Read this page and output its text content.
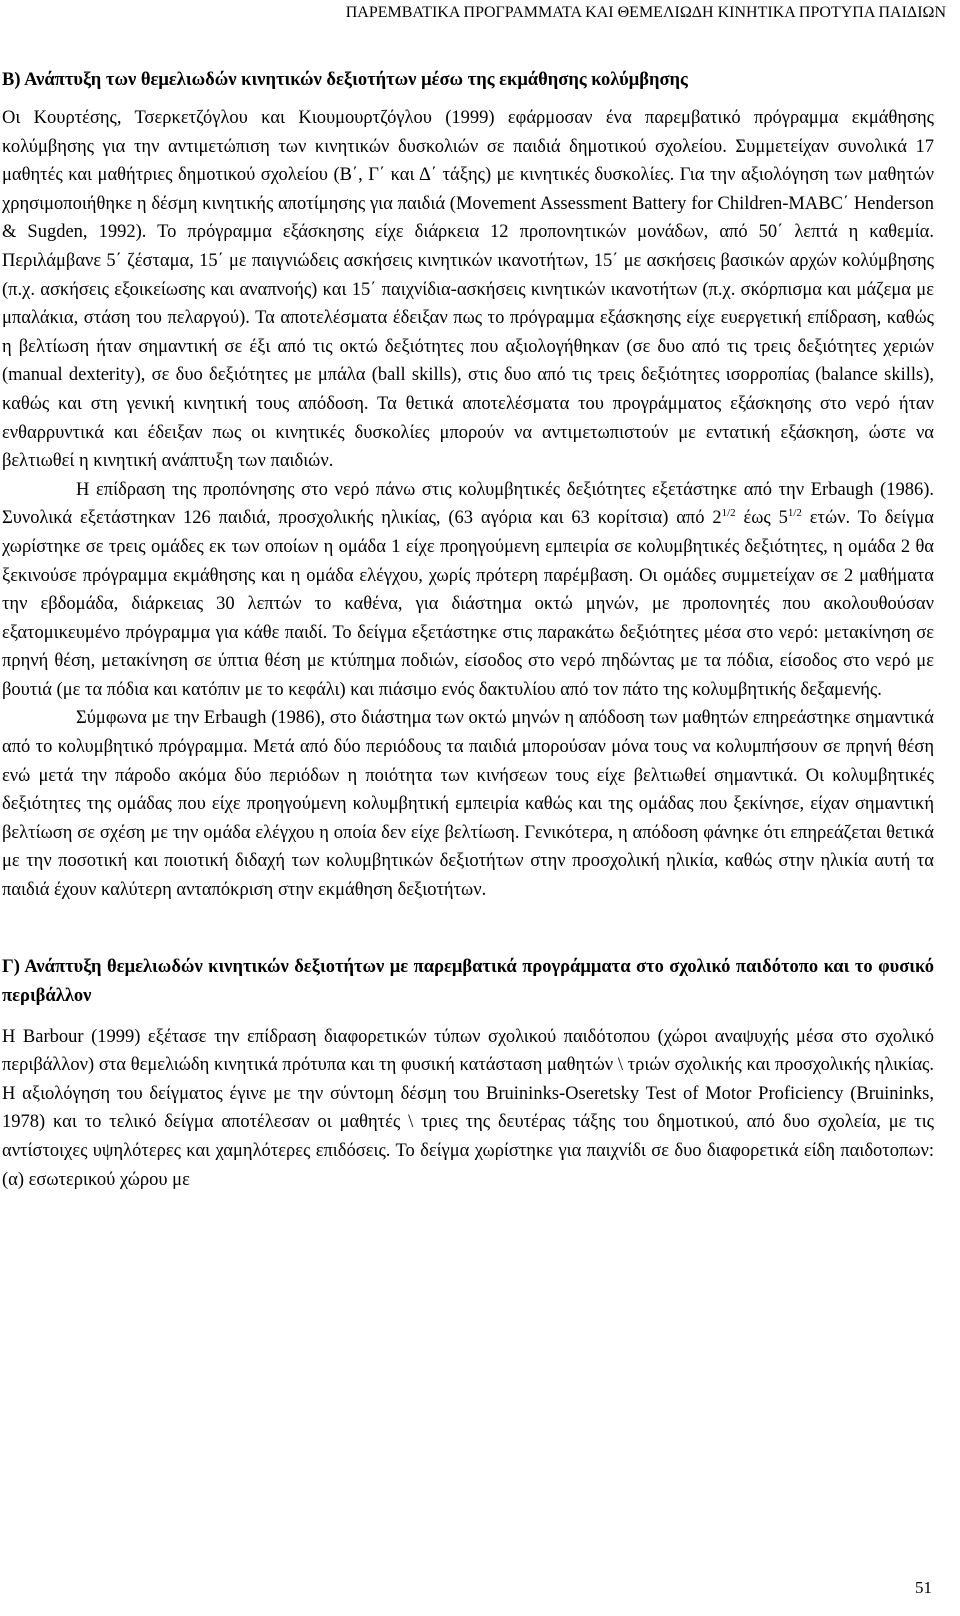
ΠΑΡΕΜΒΑΤΙΚΑ ΠΡΟΓΡΑΜΜΑΤΑ ΚΑΙ ΘΕΜΕΛΙΩΔΗ ΚΙΝΗΤΙΚΑ ΠΡΟΤΥΠΑ ΠΑΙΔΙΩΝ
Β) Ανάπτυξη των θεμελιωδών κινητικών δεξιοτήτων μέσω της εκμάθησης κολύμβησης

Οι Κουρτέσης, Τσερκετζόγλου και Κιουμουρτζόγλου (1999) εφάρμοσαν ένα παρεμβατικό πρόγραμμα εκμάθησης κολύμβησης για την αντιμετώπιση των κινητικών δυσκολιών σε παιδιά δημοτικού σχολείου. Συμμετείχαν συνολικά 17 μαθητές και μαθήτριες δημοτικού σχολείου (Β΄, Γ΄ και Δ΄ τάξης) με κινητικές δυσκολίες. Για την αξιολόγηση των μαθητών χρησιμοποιήθηκε η δέσμη κινητικής αποτίμησης για παιδιά (Movement Assessment Battery for Children-MABC΄ Henderson & Sugden, 1992). Το πρόγραμμα εξάσκησης είχε διάρκεια 12 προπονητικών μονάδων, από 50΄ λεπτά η καθεμία. Περιλάμβανε 5΄ ζέσταμα, 15΄ με παιγνιώδεις ασκήσεις κινητικών ικανοτήτων, 15΄ με ασκήσεις βασικών αρχών κολύμβησης (π.χ. ασκήσεις εξοικείωσης και αναπνοής) και 15΄ παιχνίδια-ασκήσεις κινητικών ικανοτήτων (π.χ. σκόρπισμα και μάζεμα με μπαλάκια, στάση του πελαργού). Τα αποτελέσματα έδειξαν πως το πρόγραμμα εξάσκησης είχε ευεργετική επίδραση, καθώς η βελτίωση ήταν σημαντική σε έξι από τις οκτώ δεξιότητες που αξιολογήθηκαν (σε δυο από τις τρεις δεξιότητες χεριών (manual dexterity), σε δυο δεξιότητες με μπάλα (ball skills), στις δυο από τις τρεις δεξιότητες ισορροπίας (balance skills), καθώς και στη γενική κινητική τους απόδοση. Τα θετικά αποτελέσματα του προγράμματος εξάσκησης στο νερό ήταν ενθαρρυντικά και έδειξαν πως οι κινητικές δυσκολίες μπορούν να αντιμετωπιστούν με εντατική εξάσκηση, ώστε να βελτιωθεί η κινητική ανάπτυξη των παιδιών.

Η επίδραση της προπόνησης στο νερό πάνω στις κολυμβητικές δεξιότητες εξετάστηκε από την Erbaugh (1986). Συνολικά εξετάστηκαν 126 παιδιά, προσχολικής ηλικίας, (63 αγόρια και 63 κορίτσια) από $2^{1/2}$ έως $5^{1/2}$ ετών. Το δείγμα χωρίστηκε σε τρεις ομάδες εκ των οποίων η ομάδα 1 είχε προηγούμενη εμπειρία σε κολυμβητικές δεξιότητες, η ομάδα 2 θα ξεκινούσε πρόγραμμα εκμάθησης και η ομάδα ελέγχου, χωρίς πρότερη παρέμβαση. Οι ομάδες συμμετείχαν σε 2 μαθήματα την εβδομάδα, διάρκειας 30 λεπτών το καθένα, για διάστημα οκτώ μηνών, με προπονητές που ακολουθούσαν εξατομικευμένο πρόγραμμα για κάθε παιδί. Το δείγμα εξετάστηκε στις παρακάτω δεξιότητες μέσα στο νερό: μετακίνηση σε πρηνή θέση, μετακίνηση σε ύπτια θέση με κτύπημα ποδιών, είσοδος στο νερό πηδώντας με τα πόδια, είσοδος στο νερό με βουτιά (με τα πόδια και κατόπιν με το κεφάλι) και πιάσιμο ενός δακτυλίου από τον πάτο της κολυμβητικής δεξαμενής.

Σύμφωνα με την Erbaugh (1986), στο διάστημα των οκτώ μηνών η απόδοση των μαθητών επηρεάστηκε σημαντικά από το κολυμβητικό πρόγραμμα. Μετά από δύο περιόδους τα παιδιά μπορούσαν μόνα τους να κολυμπήσουν σε πρηνή θέση ενώ μετά την πάροδο ακόμα δύο περιόδων η ποιότητα των κινήσεων τους είχε βελτιωθεί σημαντικά. Οι κολυμβητικές δεξιότητες της ομάδας που είχε προηγούμενη κολυμβητική εμπειρία καθώς και της ομάδας που ξεκίνησε, είχαν σημαντική βελτίωση σε σχέση με την ομάδα ελέγχου η οποία δεν είχε βελτίωση. Γενικότερα, η απόδοση φάνηκε ότι επηρεάζεται θετικά με την ποσοτική και ποιοτική διδαχή των κολυμβητικών δεξιοτήτων στην προσχολική ηλικία, καθώς στην ηλικία αυτή τα παιδιά έχουν καλύτερη ανταπόκριση στην εκμάθηση δεξιοτήτων.

Γ) Ανάπτυξη θεμελιωδών κινητικών δεξιοτήτων με παρεμβατικά προγράμματα στο σχολικό παιδότοπο και το φυσικό περιβάλλον

Η Barbour (1999) εξέτασε την επίδραση διαφορετικών τύπων σχολικού παιδότοπου (χώροι αναψυχής μέσα στο σχολικό περιβάλλον) στα θεμελιώδη κινητικά πρότυπα και τη φυσική κατάσταση μαθητών \ τριών σχολικής και προσχολικής ηλικίας. Η αξιολόγηση του δείγματος έγινε με την σύντομη δέσμη του Bruininks-Oseretsky Test of Motor Proficiency (Bruininks, 1978) και το τελικό δείγμα αποτέλεσαν οι μαθητές \ τριες της δευτέρας τάξης του δημοτικού, από δυο σχολεία, με τις αντίστοιχες υψηλότερες και χαμηλότερες επιδόσεις. Το δείγμα χωρίστηκε για παιχνίδι σε δυο διαφορετικά είδη παιδοτοπων: (α) εσωτερικού χώρου με

51
